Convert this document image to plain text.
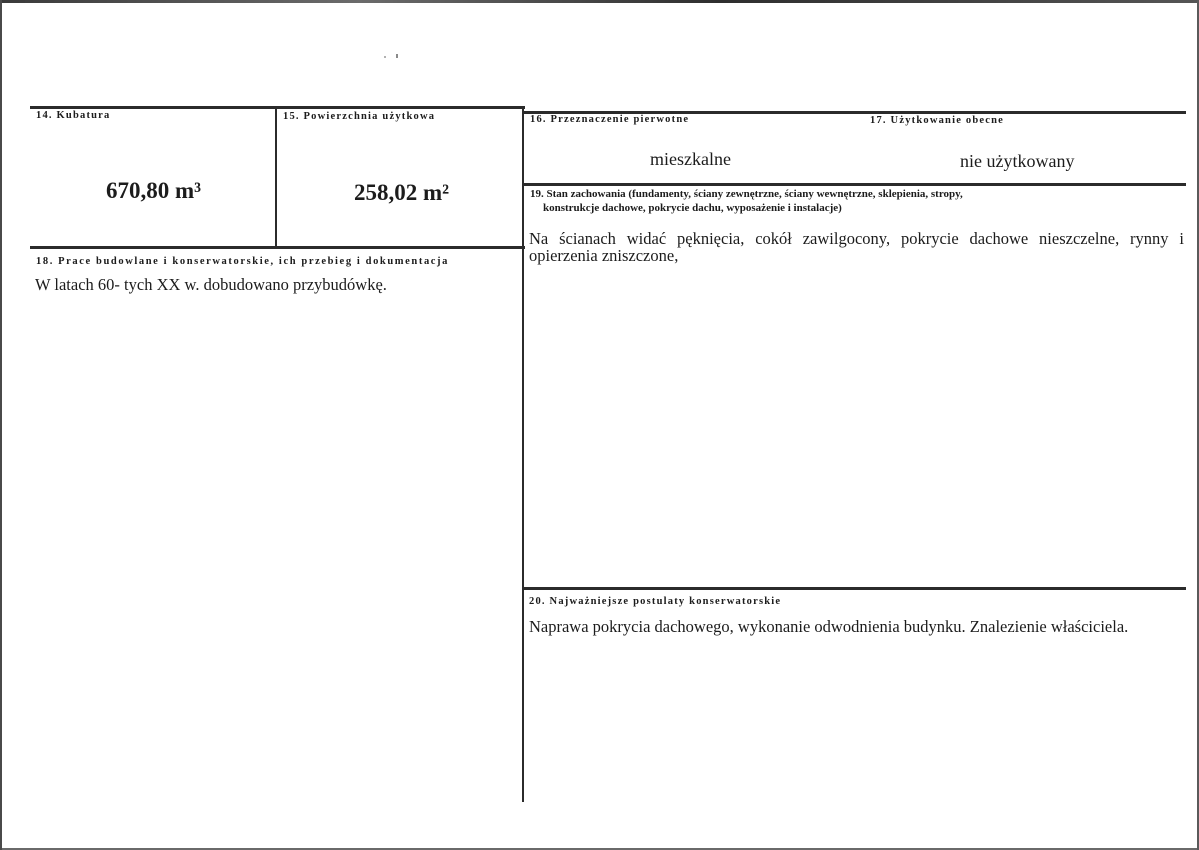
14. Kubatura
670,80 m³
15. Powierzchnia użytkowa
258,02 m²
16. Przeznaczenie pierwotne
mieszkalne
17. Użytkowanie obecne
nie użytkowany
19. Stan zachowania (fundamenty, ściany zewnętrzne, ściany wewnętrzne, sklepienia, stropy,
konstrukcje dachowe, pokrycie dachu, wyposażenie i instalacje)
Na ścianach widać pęknięcia, cokół zawilgocony, pokrycie dachowe nieszczelne, rynny i
opierzenia zniszczone,
18. Prace budowlane i konserwatorskie, ich przebieg i dokumentacja
W latach 60- tych XX w. dobudowano przybudówkę.
20. Najważniejsze postulaty konserwatorskie
Naprawa pokrycia dachowego, wykonanie odwodnienia budynku. Znalezienie właściciela.
